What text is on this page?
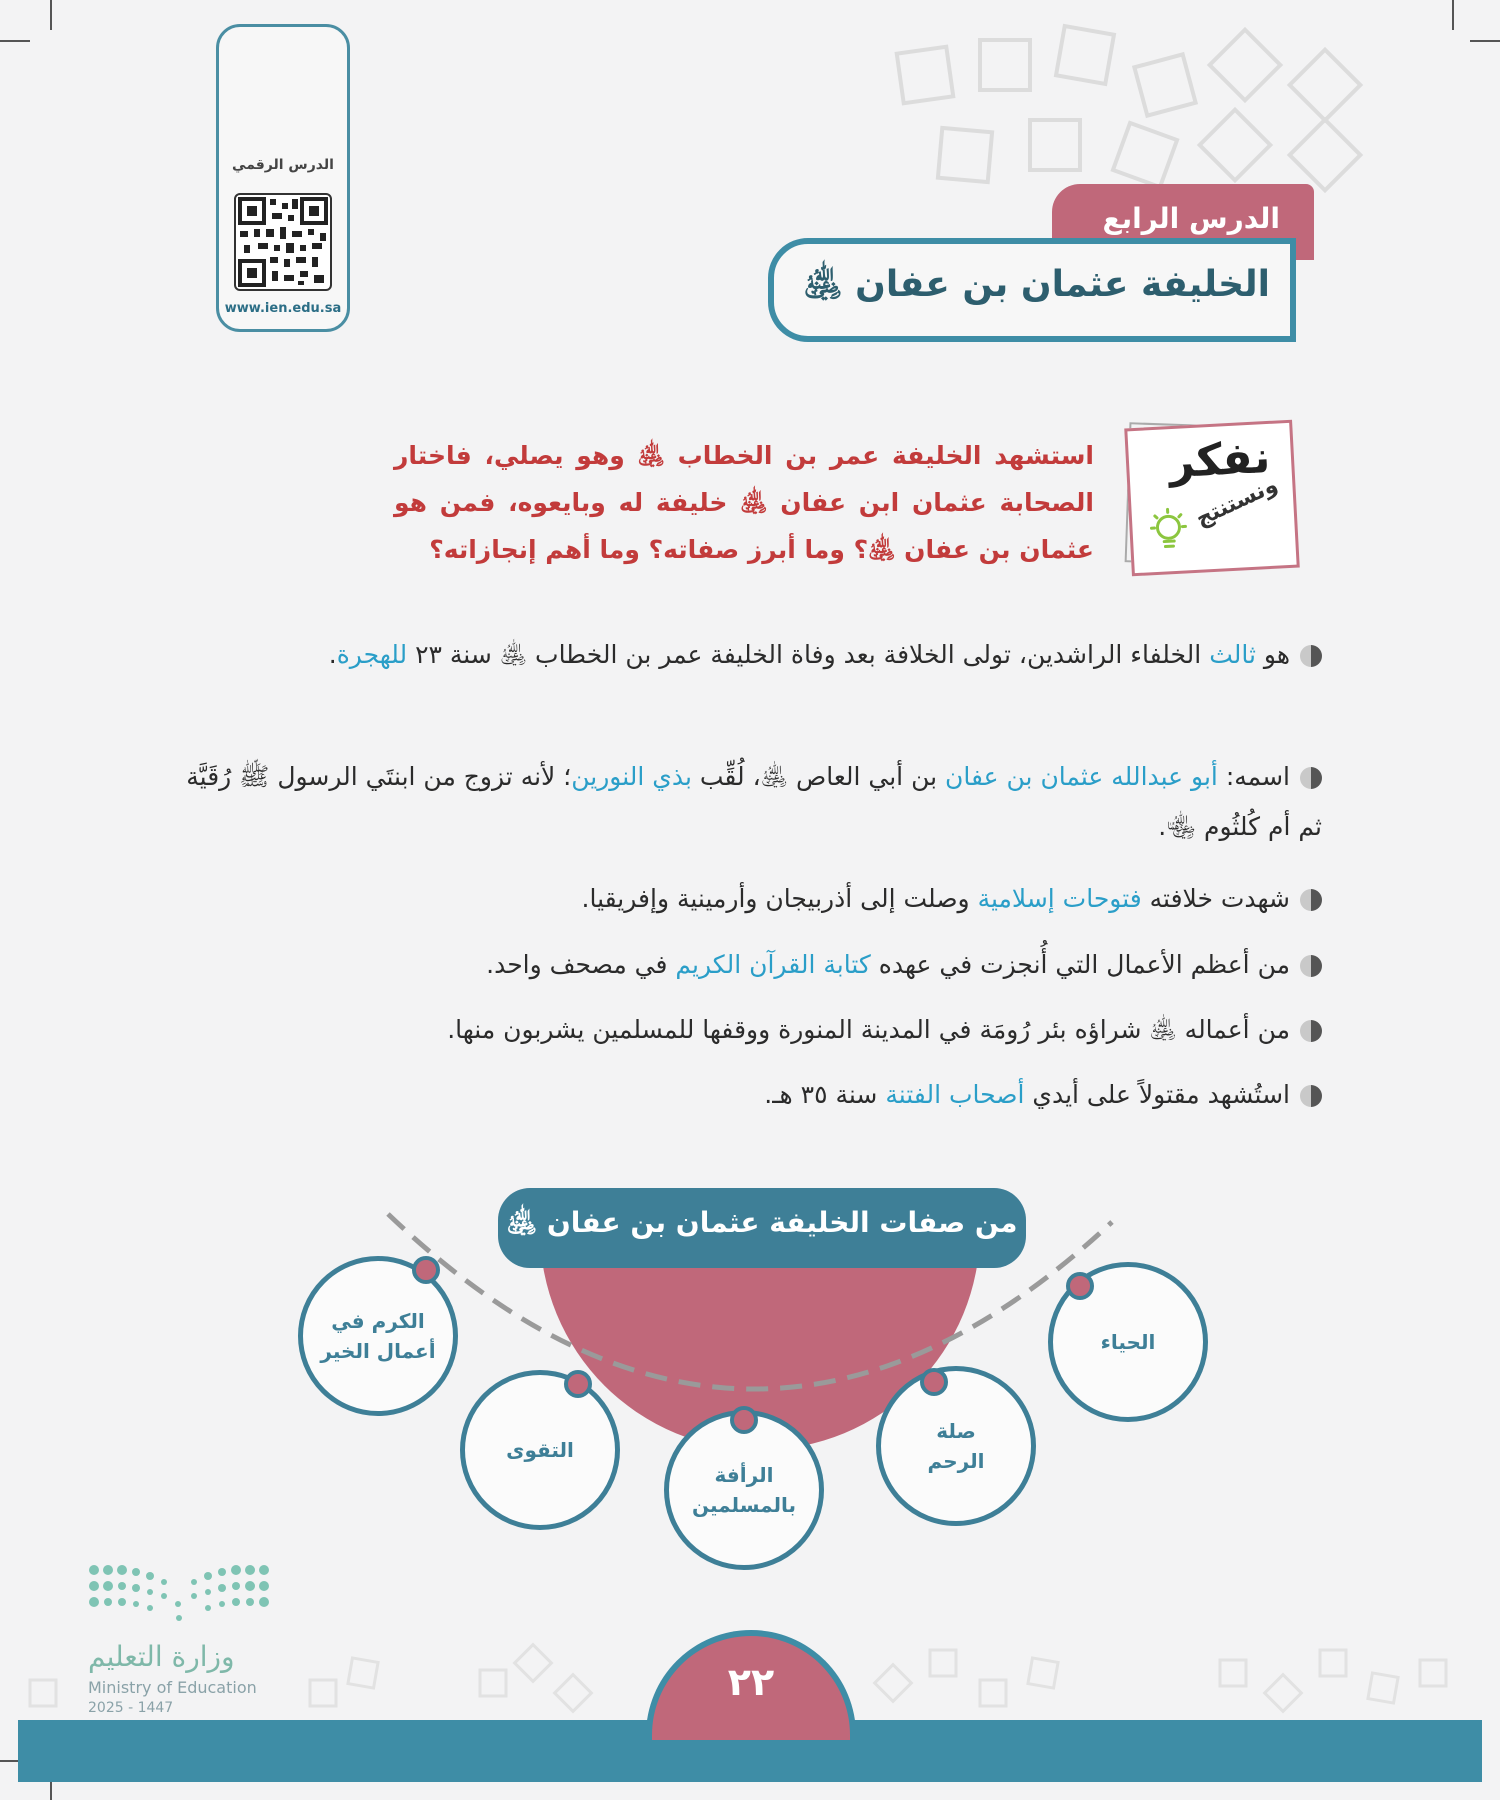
الدرس الرقمي
www.ien.edu.sa
الدرس الرابع
الخليفة عثمان بن عفان ﵁
نفكر
ونستنتج
استشهد الخليفة عمر بن الخطاب ﵁ وهو يصلي، فاختار الصحابة عثمان ابن عفان ﵁ خليفة له وبايعوه، فمن هو عثمان بن عفان ﵁؟ وما أبرز صفاته؟ وما أهم إنجازاته؟
هو ثالث الخلفاء الراشدين، تولى الخلافة بعد وفاة الخليفة عمر بن الخطاب ﵁ سنة ٢٣ للهجرة.
اسمه: أبو عبدالله عثمان بن عفان بن أبي العاص ﵁، لُقِّب بذي النورين؛ لأنه تزوج من ابنتَي الرسول ﷺ رُقَيَّة ثم أم كُلثُوم ﵄.
شهدت خلافته فتوحات إسلامية وصلت إلى أذربيجان وأرمينية وإفريقيا.
من أعظم الأعمال التي أُنجزت في عهده كتابة القرآن الكريم في مصحف واحد.
من أعماله ﵁ شراؤه بئر رُومَة في المدينة المنورة ووقفها للمسلمين يشربون منها.
استُشهد مقتولاً على أيدي أصحاب الفتنة سنة ٣٥ هـ.
من صفات الخليفة عثمان بن عفان ﵁
الكرم في أعمال الخير
التقوى
الرأفة بالمسلمين
صلة الرحم
الحياء
وزارة التعليم
Ministry of Education
2025 - 1447
٢٢
